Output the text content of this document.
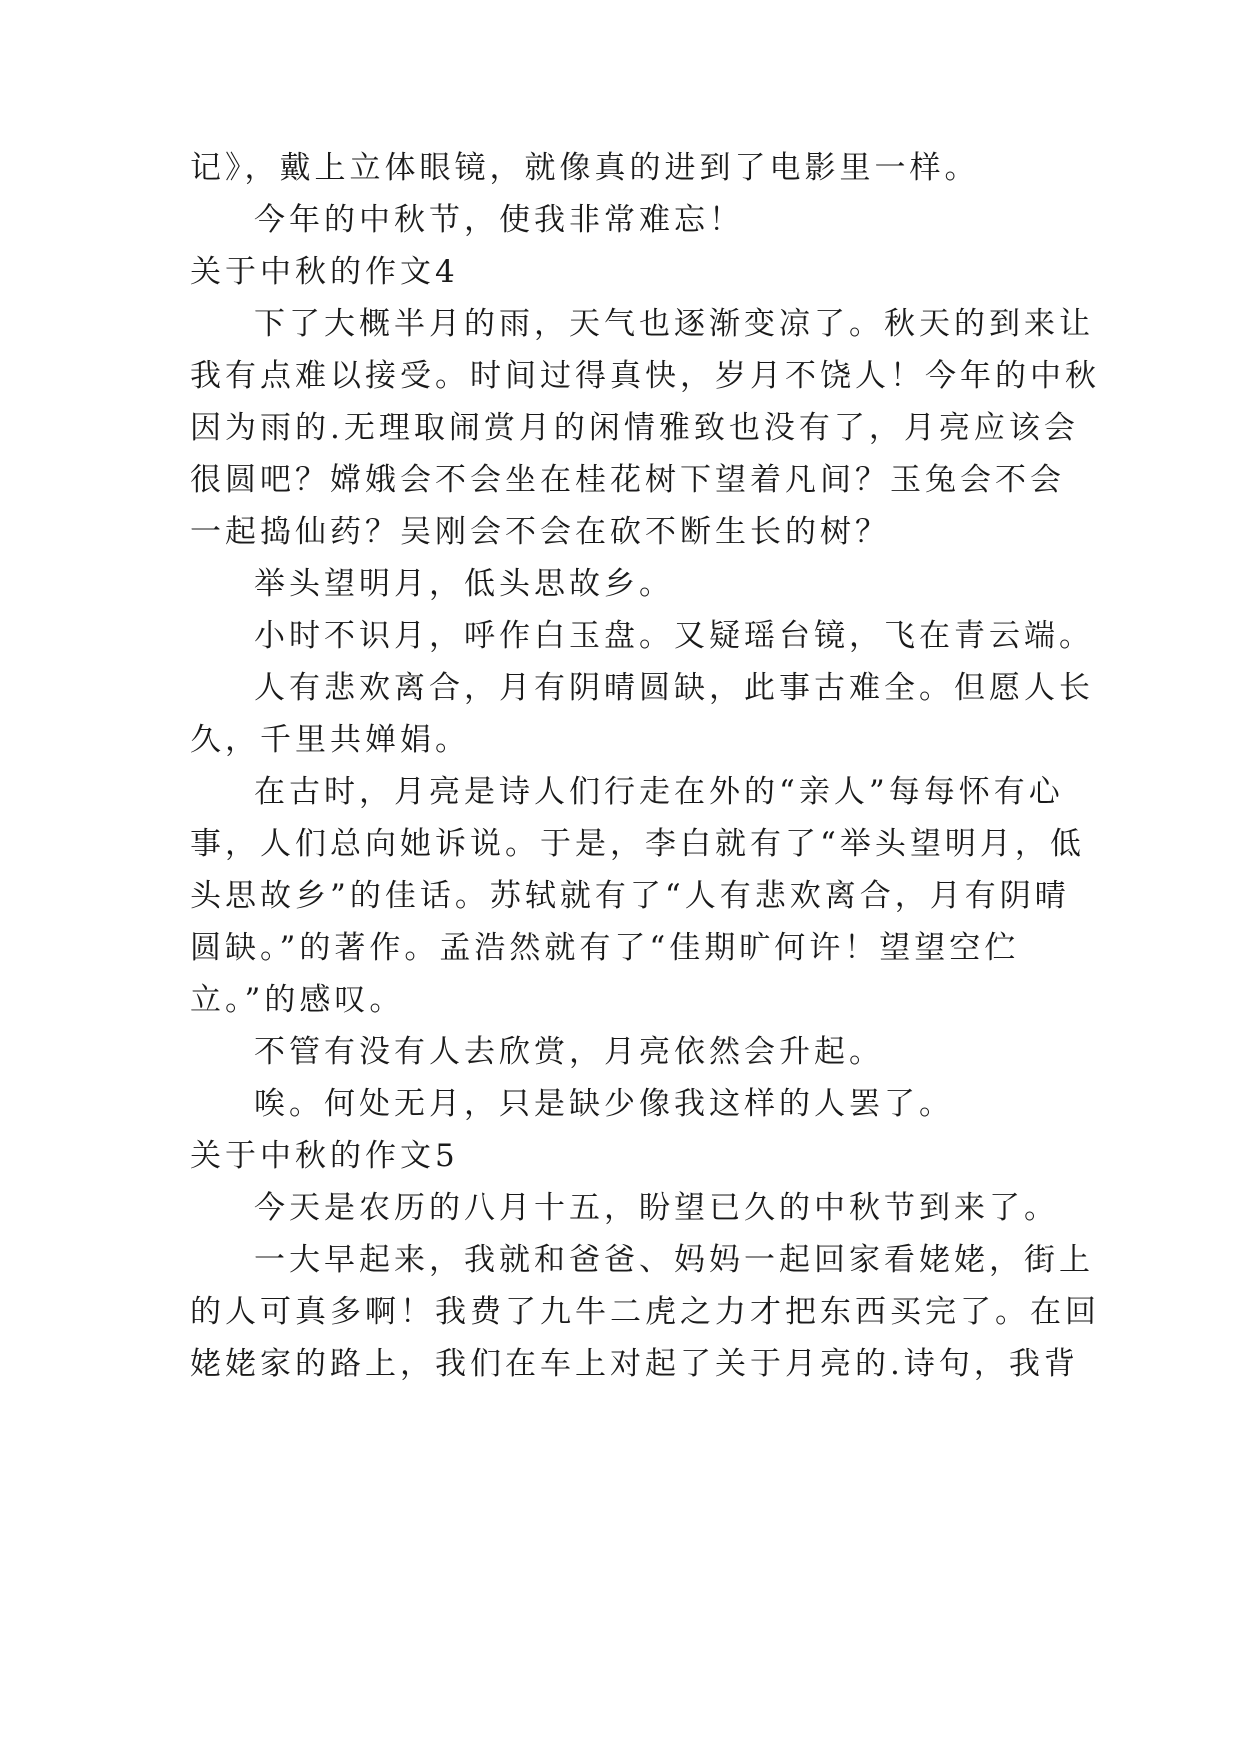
记》，戴上立体眼镜，就像真的进到了电影里一样。
今年的中秋节，使我非常难忘！
关于中秋的作文4
下了大概半月的雨，天气也逐渐变凉了。秋天的到来让
我有点难以接受。时间过得真快，岁月不饶人！今年的中秋
因为雨的.无理取闹赏月的闲情雅致也没有了，月亮应该会
很圆吧？嫦娥会不会坐在桂花树下望着凡间？玉兔会不会
一起捣仙药？吴刚会不会在砍不断生长的树？
举头望明月，低头思故乡。
小时不识月，呼作白玉盘。又疑瑶台镜，飞在青云端。
人有悲欢离合，月有阴晴圆缺，此事古难全。但愿人长
久，千里共婵娟。
在古时，月亮是诗人们行走在外的“亲人”每每怀有心
事，人们总向她诉说。于是，李白就有了“举头望明月，低
头思故乡”的佳话。苏轼就有了“人有悲欢离合，月有阴晴
圆缺。”的著作。孟浩然就有了“佳期旷何许！望望空伫
立。”的感叹。
不管有没有人去欣赏，月亮依然会升起。
唉。何处无月，只是缺少像我这样的人罢了。
关于中秋的作文5
今天是农历的八月十五，盼望已久的中秋节到来了。
一大早起来，我就和爸爸、妈妈一起回家看姥姥，街上
的人可真多啊！我费了九牛二虎之力才把东西买完了。在回
姥姥家的路上，我们在车上对起了关于月亮的.诗句，我背
